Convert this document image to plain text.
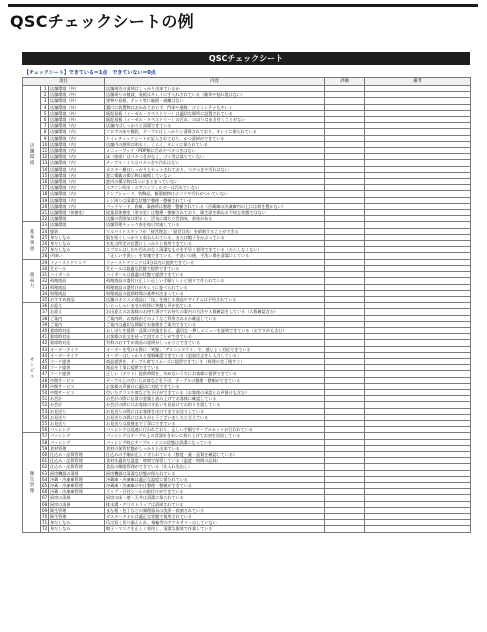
QSCチェックシートの例
QSCチェックシート
【チェックシート】できている＝1点　できていない＝0点
項目			内容	評価	備考
店舗環境	1	店舗環境（外）	店舗周辺の清掃はしっかり出来ているか		
	2	店舗環境（外）	店舗周りの植栽、看板はキレイに手入れされている（雑草や枯れ葉はない）		
	3	店舗環境（外）	建物や看板、テント等に破損・剥離はない		
	4	店舗環境（外）	漏口に放置物はおかれておらず、門扉や通路、ゴミコンテナもキレイ		
	5	店舗環境（外）	販促看板（イーゼル・タペストリー）は適切な場所に設置されている		
	6	店舗環境（外）	販促看板（イーゼル・タペストリー）の汚れ、のぼりはまき付くことがない		
	7	店舗環境（内）	店舗内はしっかりと清潔できている		
	8	店舗環境（内）	フロアの床や階段、テーブルはしっかりと清掃されており、キレイに保たれている		
	9	店舗環境（内）	トイレチェックシートが記入されており、かつ清掃ができている		
	10	店舗環境（内）	店舗内の照明は明るく、くらく、キレイに保たれている		
	11	店舗環境（内）	メニューブック・POP類に汚れやベタつきはない		
	12	店舗環境（内）	床（座席）はベタつきがなく、ゴミ等は落ちていない		
	13	店舗環境（内）	テーブル・イスはベタつきや汚れはない		
	14	店舗環境（内）	カスター類はしっかりとセットされており、ベタつきや汚れはない		
	15	店舗環境（内）	窓に掲載の掲示物は破損していない		
	16	店舗環境（内）	窓内の掲示物は1つにまとまっていない		
	17	店舗環境（内）	エアコン吹出・エアコンフィルターは汚れていない		
	18	店舗環境（内）	ランプシェード、装飾品、観葉植物はホコリや汚れがついていない		
	19	店舗環境（内）	レジ周りは清潔な状態で整理・整頓されている		
	20	店舗環境（内）	バックヤード、倉庫、事務所は整理・整頓されている（冷蔵庫の冷凍庫内の上には荷を置かない）		
	21	店舗環境（休憩室）	従業員休憩室（更衣室）は整理・整頓されており、衛生面を損ねる不快な状態ではない		
	22	店舗環境	店舗の雰囲気は明るく、活気に満ちた雰囲気、余裕がある		
基本事項	23	店舗環境	店舗管理チェック表を毎日実施している		
	24	服装	マルバイトスタッフが「経営理念」「経営目的」を暗唱することができる		
	25	身だしなみ	髪を短くしっかりと束ねられている、または帽子をかぶっている		
	26	身だしなみ	名札は所定の位置にしっかりと着用できている		
	27	身だしなみ	エプロンはしわや汚れがなく清潔なものを手早く着用できている（だらしなくない）		
	28	声掛い	「正しい手洗い」を実施できている、手洗いの後、手洗い場を清潔にしている		
商品力	29	ファーストドリンク	ファーストドリンクは3分以内に提供できている		
	30	生ビール	生ビールは最適な状態で提供できている		
	31	ハイボール	ハイボールは最適の状態で提供できている		
	32	料理商品	料理商品の盛付け正しい正しい手順とレシピ通りで作られている		
	33	料理商品	料理商品の盛付けがキレイに並べられている		
	34	料理商品	料理商品の提供時間の基準が決まっている		
	35	おすすめ商品	店舗のオススメ商品に「技」を感じる商品やアイテムは予約されている		
サービス	36	お迎え	いらっしゃいませの挨拶に笑顔と声が出ている		
	37	お迎え	お出迎えのお客様のお待ち頂けてお待ちの案内の方法や人数確認をしている（人数確認含む）		
	38	ご案内	ご案内時、お客様がどのようなご利用されるか確認している		
	39	ご案内	ご案内は適切な間隔でお客様をご案内できている		
	40	着席時対応	おしぼりを提供・品質の実施を伝え、適切な一押しメニューを説明できている（おすすめも含む）		
	41	着席時対応	お客様の注文を待って回することができている		
	42	着席時対応	有料のおすすめ商品の説明がしっかりとできている		
	43	オーダーテイク	オーダーを受ける際に「笑顔」「アイコンタクト」で、感じよく対応できている		
	44	オーダーテイク	オーダーはしっかりと復唱確認できている（追加注文をレ入力している）		
	45	フード提供	商品提供を、テーブル席でスムーズに提供できている（料理の完了後すぐ）		
	46	フード提供	商品を丁寧に提供できている		
	47	フード提供	正しい（ダウト）提供時間を、冷めないうちにお客様に提供できている		
	48	中間サービス	テーブル上の空いたお皿などを下げ、テーブルの整理・整頓ができている		
	49	中間サービス	お客様の声掛けに適切に対応できている		
	50	中間サービス	空いたグラスや皿などを下げができている（お客様の承認とお声掛けも含む）		
	51	お会計	お会計の際に伝票の金額と読み上げてお客様に確認している		
	52	お会計	お会計の際にはお客様の支払いを見届けてお釣りを渡している		
	53	お見送り	お見送りの際にはお客様を出口でまでお送りしている		
	54	お見送り	お見送りの際にはありがとうございましたと言えている		
	55	お見送り	お見送りは最後まで丁寧にできている		
	56	バッシング	バッシングは迅速に行われており、正しい手順でテーブルセットが行われている		
衛生管理	57	バッシング	バッシングはテーブル上の食器をきれいに持ち上げてお皿を回収している		
	58	バッシング	バッシング時にテーブル・イスの状態は清潔になっている		
	59	食材管理	食材の保管状態がしっかりと出来ている		
	60	仕込み・品質管理	仕込みの手順が正しく守られている（鮮度・量・品質を確認している）		
	61	仕込み・品質管理	食材を適切な温度・時間で保管している（温度・時間の記録）		
	62	仕込み・品質管理	食品の期限管理ができている（先入れ先出し）		
	63	厨房機器の清掃	厨房機器は清潔な状態が保たれている		
	64	冷蔵・冷凍庫管理	冷蔵庫・冷凍庫は適正な温度に保たれている		
	65	冷蔵・冷凍庫管理	冷蔵庫・冷凍庫の中は整理・整頓ができている		
	66	冷蔵・冷凍庫管理	ラップ・日付シールの貼付けができている		
	67	厨房の清掃	厨房の床・壁・天井は清潔に保たれている		
	68	厨房の清掃	排水溝・グリストラップは清掃されている		
	69	衛生管理	まな板・包丁などの調理器具は洗浄・殺菌されている		
	70	衛生管理	ダスタータオルは適正な状態で使用されている		
	71	身だしなみ	爪は短く切り揃えられ、指輪等のアクセサリーはしていない		
	72	身だしなみ	帽子・マスクを正しく着用し、清潔な服装で作業している		
